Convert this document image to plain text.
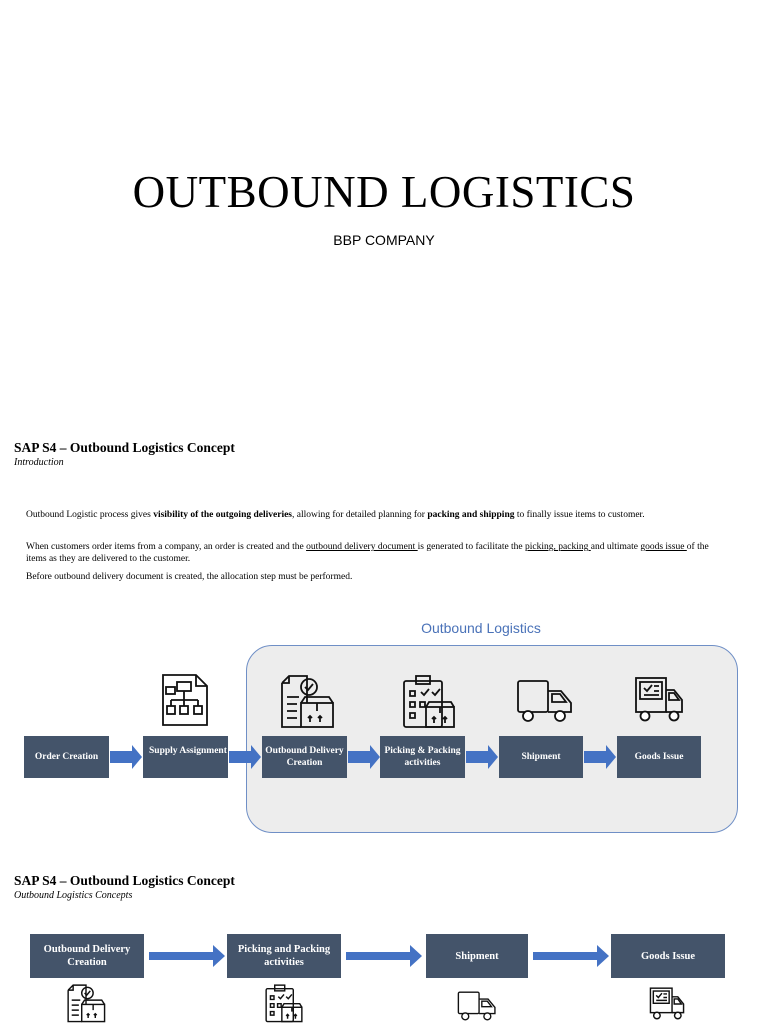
OUTBOUND LOGISTICS
BBP COMPANY
SAP S4 – Outbound Logistics Concept
Introduction
Outbound Logistic process gives visibility of the outgoing deliveries, allowing for detailed planning for packing and shipping to finally issue items to customer.
When customers order items from a company, an order is created and the outbound delivery document is generated to facilitate the picking, packing and ultimate goods issue of the items as they are delivered to the customer.
Before outbound delivery document is created, the allocation step must be performed.
Outbound Logistics
Order Creation
Supply Assignment	Outbound Delivery Creation
Picking & Packing activities
Shipment	Goods Issue
SAP S4 – Outbound Logistics Concept
Outbound Logistics Concepts
Outbound Delivery Creation
Picking and Packing activities
Shipment	Goods Issue
